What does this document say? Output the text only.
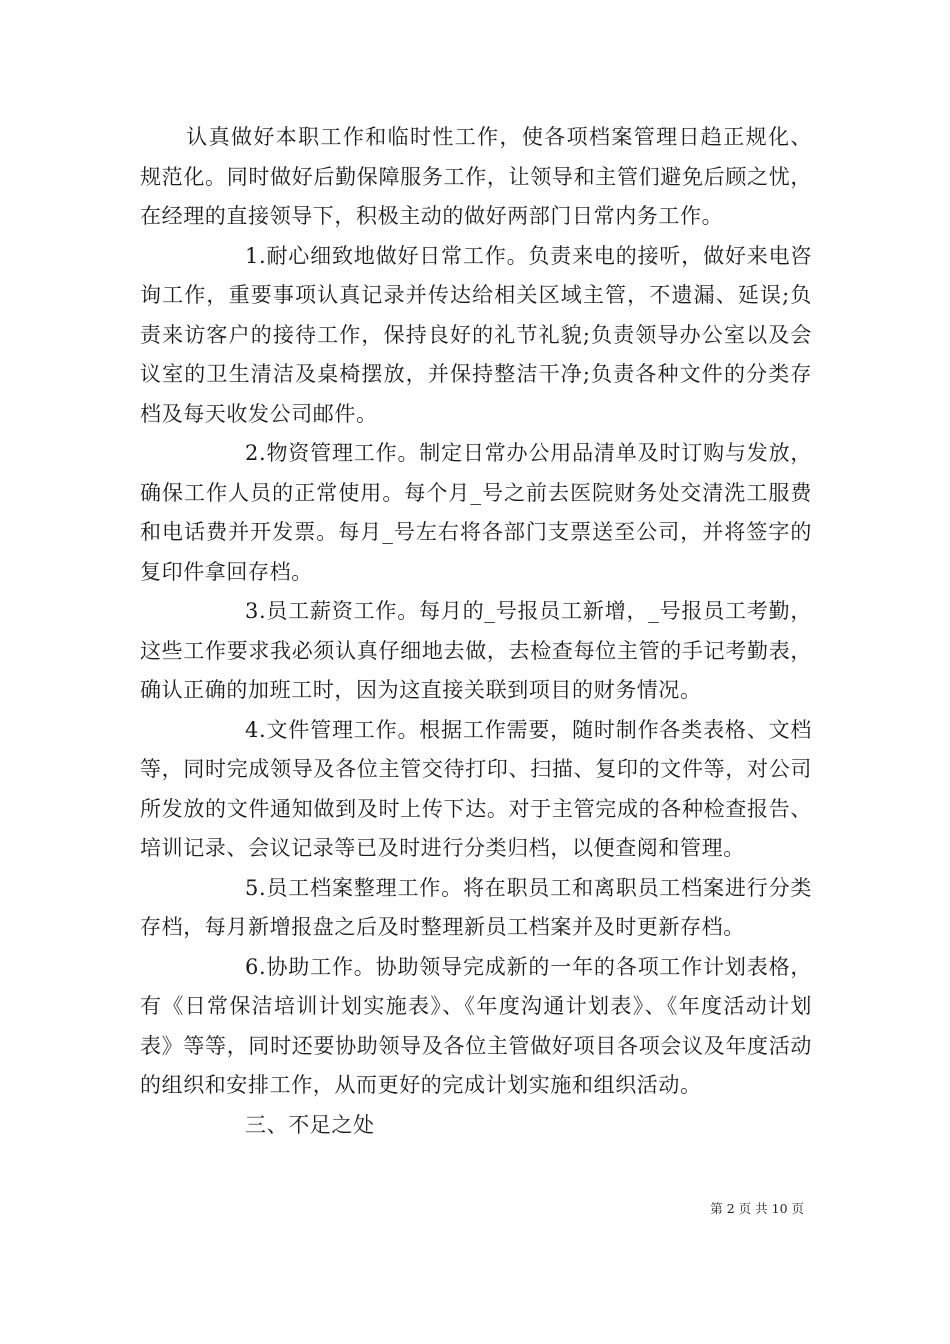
认真做好本职工作和临时性工作，使各项档案管理日趋正规化、规范化。同时做好后勤保障服务工作，让领导和主管们避免后顾之忧，在经理的直接领导下，积极主动的做好两部门日常内务工作。

1.耐心细致地做好日常工作。负责来电的接听，做好来电咨询工作，重要事项认真记录并传达给相关区域主管，不遗漏、延误;负责来访客户的接待工作，保持良好的礼节礼貌;负责领导办公室以及会议室的卫生清洁及桌椅摆放，并保持整洁干净;负责各种文件的分类存档及每天收发公司邮件。

2.物资管理工作。制定日常办公用品清单及时订购与发放，确保工作人员的正常使用。每个月_号之前去医院财务处交清洗工服费和电话费并开发票。每月_号左右将各部门支票送至公司，并将签字的复印件拿回存档。

3.员工薪资工作。每月的_号报员工新增，_号报员工考勤，这些工作要求我必须认真仔细地去做，去检查每位主管的手记考勤表，确认正确的加班工时，因为这直接关联到项目的财务情况。

4.文件管理工作。根据工作需要，随时制作各类表格、文档等，同时完成领导及各位主管交待打印、扫描、复印的文件等，对公司所发放的文件通知做到及时上传下达。对于主管完成的各种检查报告、培训记录、会议记录等已及时进行分类归档，以便查阅和管理。

5.员工档案整理工作。将在职员工和离职员工档案进行分类存档，每月新增报盘之后及时整理新员工档案并及时更新存档。

6.协助工作。协助领导完成新的一年的各项工作计划表格，有《日常保洁培训计划实施表》、《年度沟通计划表》、《年度活动计划表》等等，同时还要协助领导及各位主管做好项目各项会议及年度活动的组织和安排工作，从而更好的完成计划实施和组织活动。

三、不足之处

第 2 页 共 10 页
